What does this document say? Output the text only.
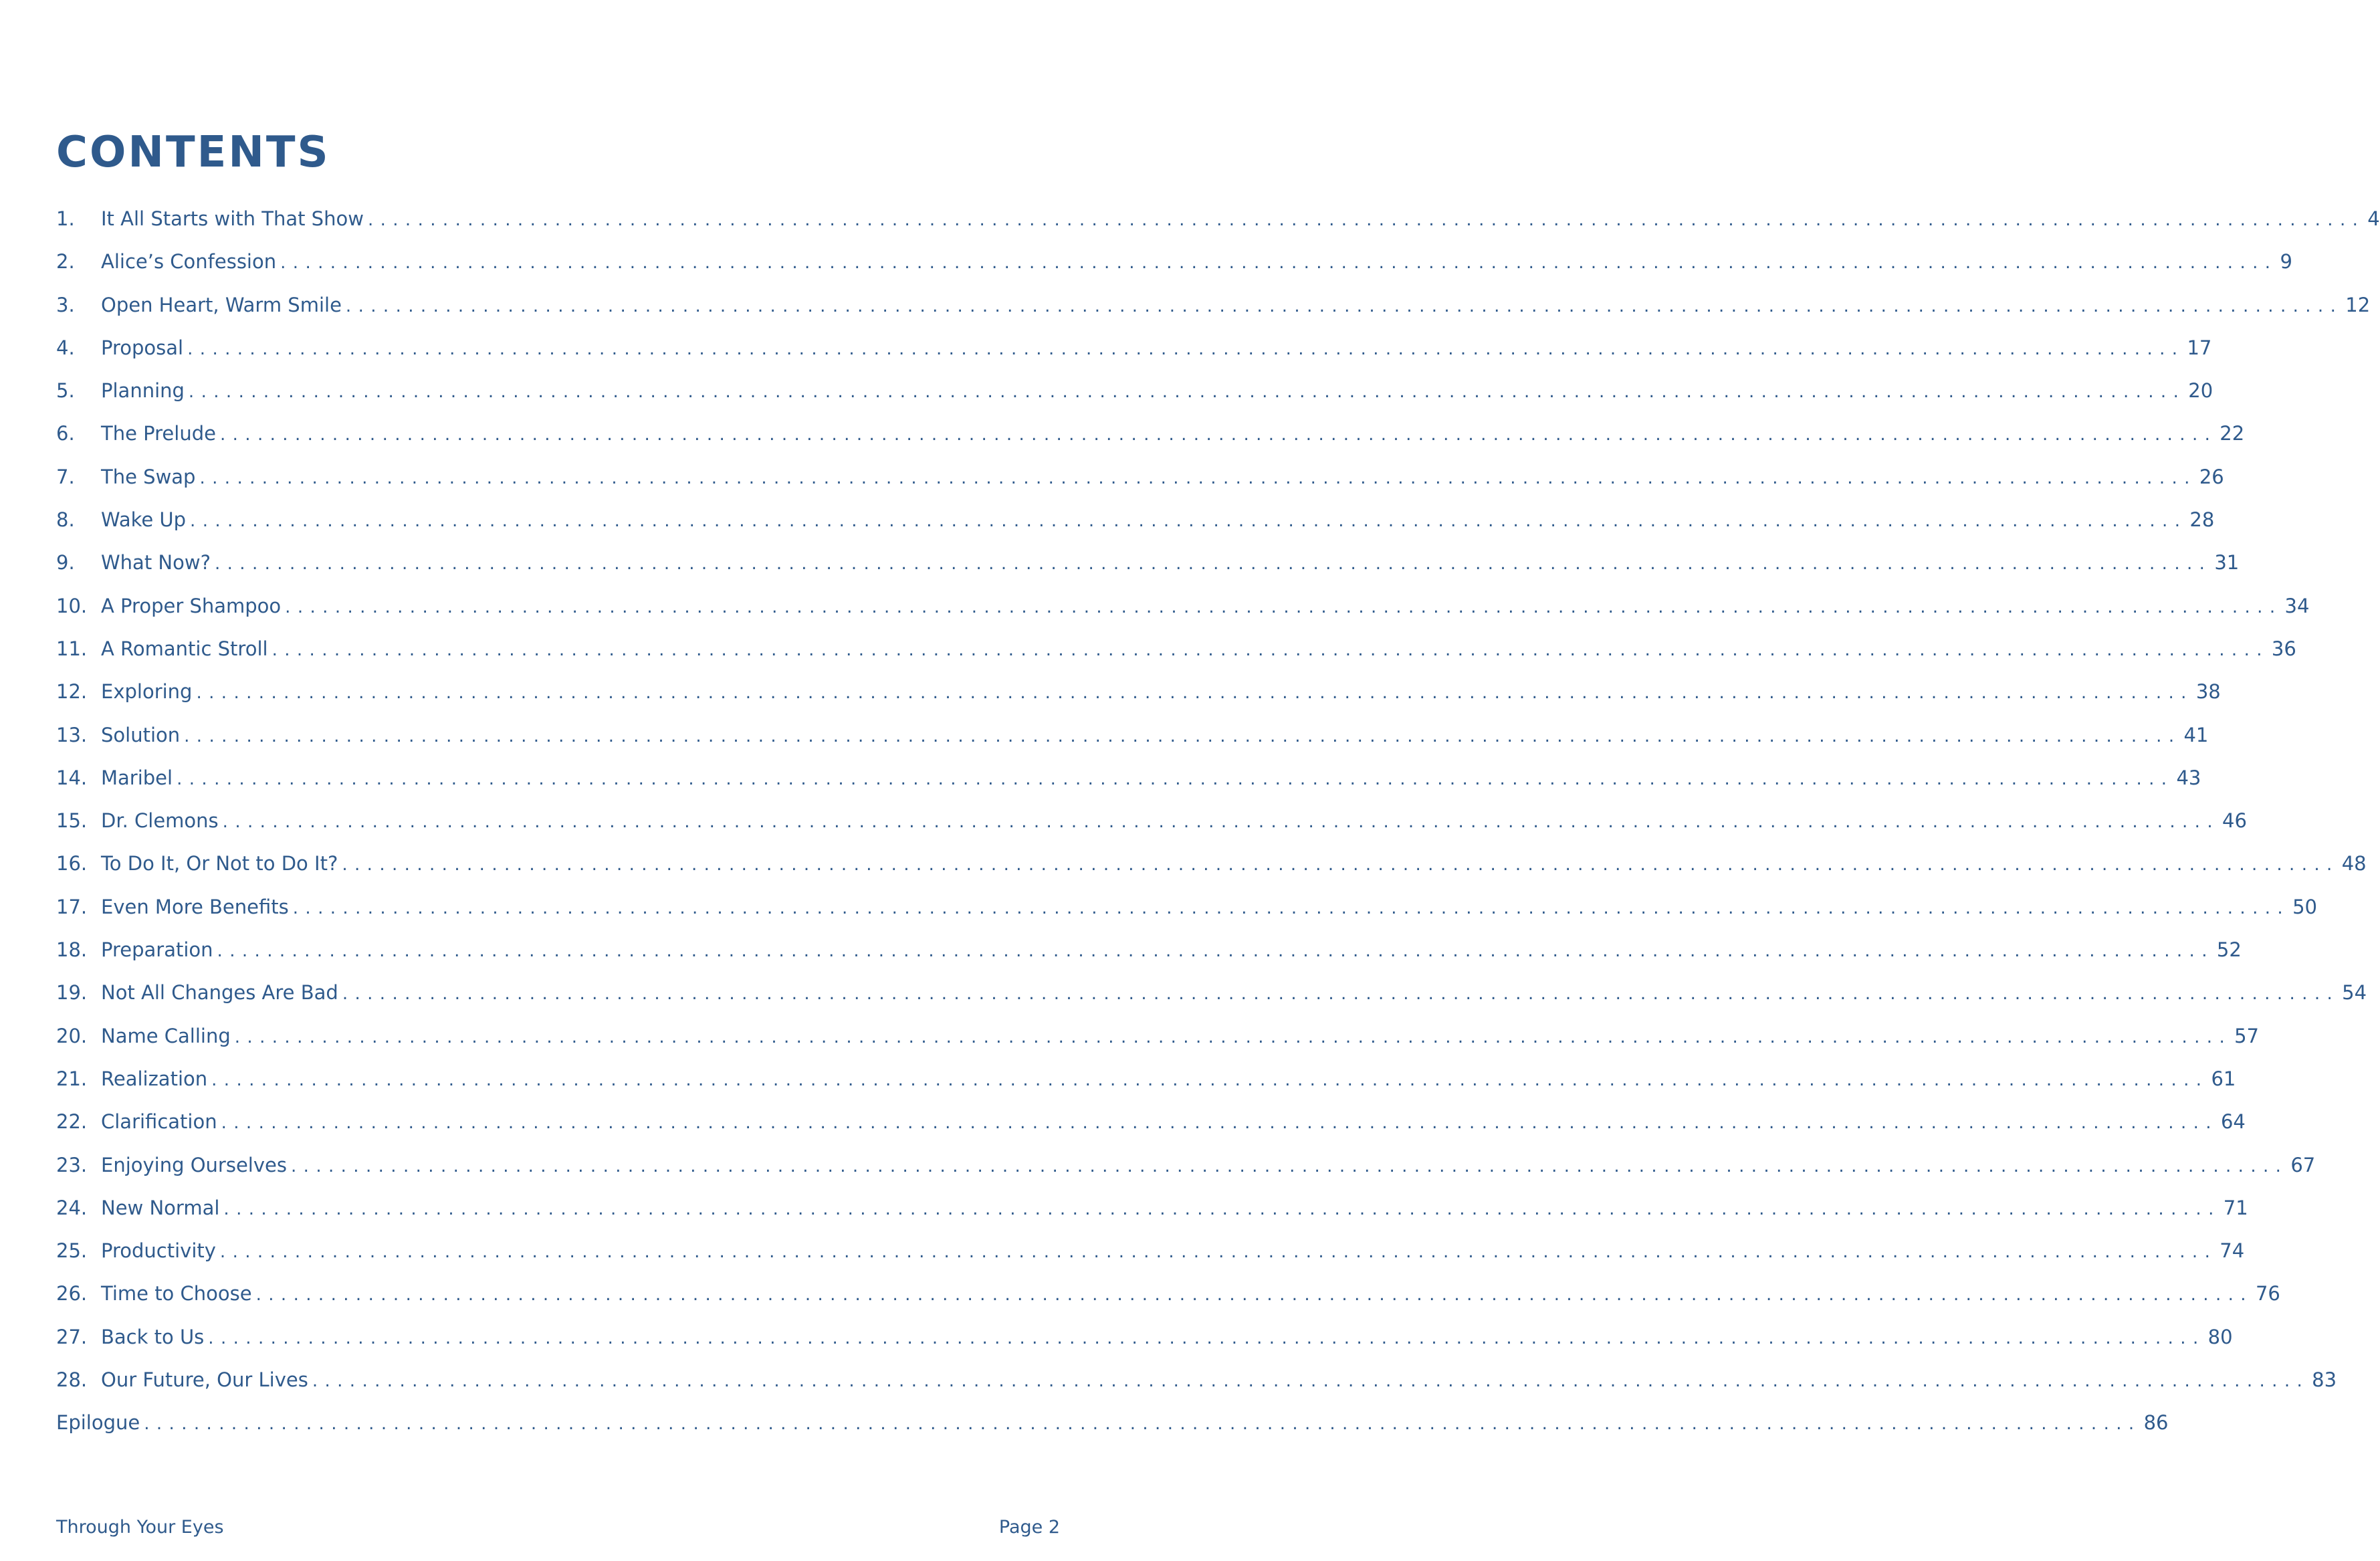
CONTENTS
1.	It All Starts with That Show ................................................................................................................................................................ 4
2.	Alice’s Confession ................................................................................................................................................................ 9
3.	Open Heart, Warm Smile ................................................................................................................................................................ 12
4.	Proposal ................................................................................................................................................................ 17
5.	Planning ................................................................................................................................................................ 20
6.	The Prelude ................................................................................................................................................................ 22
7.	The Swap ................................................................................................................................................................ 26
8.	Wake Up ................................................................................................................................................................ 28
9.	What Now? ................................................................................................................................................................ 31
10. A Proper Shampoo ................................................................................................................................................................ 34
11. A Romantic Stroll ................................................................................................................................................................ 36
12. Exploring ................................................................................................................................................................ 38
13. Solution ................................................................................................................................................................ 41
14. Maribel ................................................................................................................................................................ 43
15. Dr. Clemons ................................................................................................................................................................ 46
16. To Do It, Or Not to Do It? ................................................................................................................................................................ 48
17. Even More Benefits ................................................................................................................................................................ 50
18. Preparation ................................................................................................................................................................ 52
19. Not All Changes Are Bad ................................................................................................................................................................ 54
20. Name Calling ................................................................................................................................................................ 57
21. Realization ................................................................................................................................................................ 61
22. Clarification ................................................................................................................................................................ 64
23. Enjoying Ourselves ................................................................................................................................................................ 67
24. New Normal ................................................................................................................................................................ 71
25. Productivity ................................................................................................................................................................ 74
26. Time to Choose ................................................................................................................................................................ 76
27. Back to Us ................................................................................................................................................................ 80
28. Our Future, Our Lives ................................................................................................................................................................ 83
Epilogue ................................................................................................................................................................ 86
Through Your Eyes	Page 2
